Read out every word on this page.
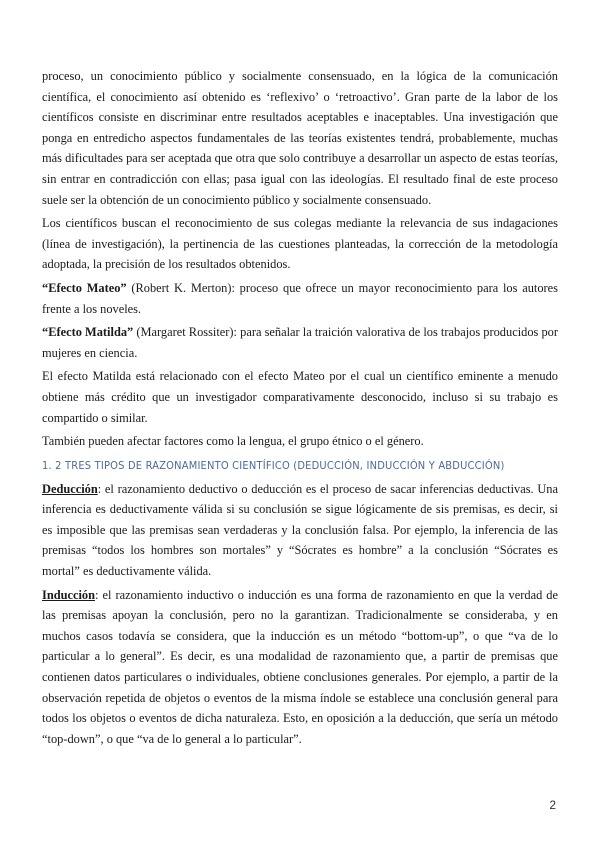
proceso, un conocimiento público y socialmente consensuado, en la lógica de la comunicación científica, el conocimiento así obtenido es ‘reflexivo’ o ‘retroactivo’. Gran parte de la labor de los científicos consiste en discriminar entre resultados aceptables e inaceptables. Una investigación que ponga en entredicho aspectos fundamentales de las teorías existentes tendrá, probablemente, muchas más dificultades para ser aceptada que otra que solo contribuye a desarrollar un aspecto de estas teorías, sin entrar en contradicción con ellas; pasa igual con las ideologías. El resultado final de este proceso suele ser la obtención de un conocimiento público y socialmente consensuado.

Los científicos buscan el reconocimiento de sus colegas mediante la relevancia de sus indagaciones (línea de investigación), la pertinencia de las cuestiones planteadas, la corrección de la metodología adoptada, la precisión de los resultados obtenidos.

“Efecto Mateo” (Robert K. Merton): proceso que ofrece un mayor reconocimiento para los autores frente a los noveles.

“Efecto Matilda” (Margaret Rossiter): para señalar la traición valorativa de los trabajos producidos por mujeres en ciencia.

El efecto Matilda está relacionado con el efecto Mateo por el cual un científico eminente a menudo obtiene más crédito que un investigador comparativamente desconocido, incluso si su trabajo es compartido o similar.

También pueden afectar factores como la lengua, el grupo étnico o el género.

1. 2 TRES TIPOS DE RAZONAMIENTO CIENTÍFICO (DEDUCCIÓN, INDUCCIÓN Y ABDUCCIÓN)

Deducción: el razonamiento deductivo o deducción es el proceso de sacar inferencias deductivas. Una inferencia es deductivamente válida si su conclusión se sigue lógicamente de sis premisas, es decir, si es imposible que las premisas sean verdaderas y la conclusión falsa. Por ejemplo, la inferencia de las premisas “todos los hombres son mortales” y “Sócrates es hombre” a la conclusión “Sócrates es mortal” es deductivamente válida.

Inducción: el razonamiento inductivo o inducción es una forma de razonamiento en que la verdad de las premisas apoyan la conclusión, pero no la garantizan. Tradicionalmente se consideraba, y en muchos casos todavía se considera, que la inducción es un método “bottom-up”, o que “va de lo particular a lo general”. Es decir, es una modalidad de razonamiento que, a partir de premisas que contienen datos particulares o individuales, obtiene conclusiones generales. Por ejemplo, a partir de la observación repetida de objetos o eventos de la misma índole se establece una conclusión general para todos los objetos o eventos de dicha naturaleza. Esto, en oposición a la deducción, que sería un método “top-down”, o que “va de lo general a lo particular”.

2
